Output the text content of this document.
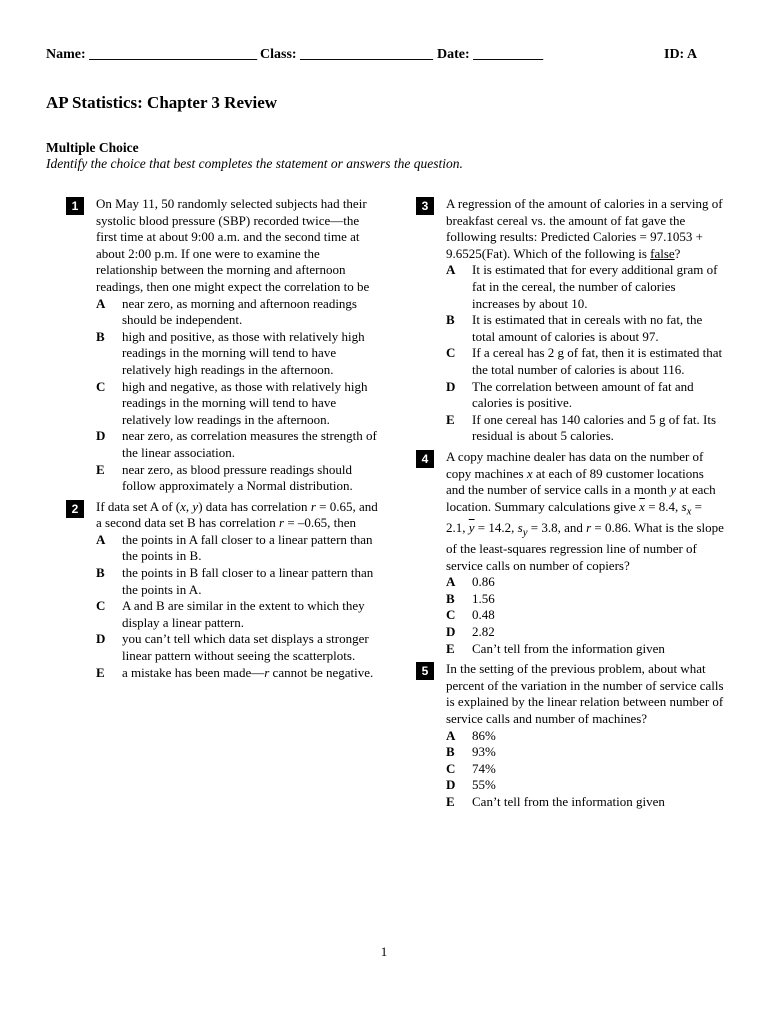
Name: ________________________ Class: ___________________ Date: __________	ID: A
AP Statistics: Chapter 3 Review
Multiple Choice
Identify the choice that best completes the statement or answers the question.
1	On May 11, 50 randomly selected subjects had their systolic blood pressure (SBP) recorded twice—the first time at about 9:00 a.m. and the second time at about 2:00 p.m. If one were to examine the relationship between the morning and afternoon readings, then one might expect the correlation to be

A	near zero, as morning and afternoon readings should be independent.
B	high and positive, as those with relatively high readings in the morning will tend to have relatively high readings in the afternoon.
C	high and negative, as those with relatively high readings in the morning will tend to have relatively low readings in the afternoon.
D	near zero, as correlation measures the strength of the linear association.
E	near zero, as blood pressure readings should follow approximately a Normal distribution.
2	If data set A of (x, y) data has correlation r = 0.65, and a second data set B has correlation r = –0.65, then

A	the points in A fall closer to a linear pattern than the points in B.
B	the points in B fall closer to a linear pattern than the points in A.
C	A and B are similar in the extent to which they display a linear pattern.
D	you can’t tell which data set displays a stronger linear pattern without seeing the scatterplots.
E	a mistake has been made—r cannot be negative.
3	A regression of the amount of calories in a serving of breakfast cereal vs. the amount of fat gave the following results: Predicted Calories = 97.1053 + 9.6525(Fat). Which of the following is false?

A	It is estimated that for every additional gram of fat in the cereal, the number of calories increases by about 10.
B	It is estimated that in cereals with no fat, the total amount of calories is about 97.
C	If a cereal has 2 g of fat, then it is estimated that the total number of calories is about 116.
D	The correlation between amount of fat and calories is positive.
E	If one cereal has 140 calories and 5 g of fat. Its residual is about 5 calories.
4	A copy machine dealer has data on the number of copy machines x at each of 89 customer locations and the number of service calls in a month y at each location. Summary calculations give $\overline{x} = 8.4$, $s_x = 2.1$, $\overline{y} = 14.2$, $s_y = 3.8$, and r = 0.86. What is the slope of the least-squares regression line of number of service calls on number of copiers?

A	0.86
B	1.56
C	0.48
D	2.82
E	Can’t tell from the information given
5	In the setting of the previous problem, about what percent of the variation in the number of service calls is explained by the linear relation between number of service calls and number of machines?

A	86%
B	93%
C	74%
D	55%
E	Can’t tell from the information given
1
